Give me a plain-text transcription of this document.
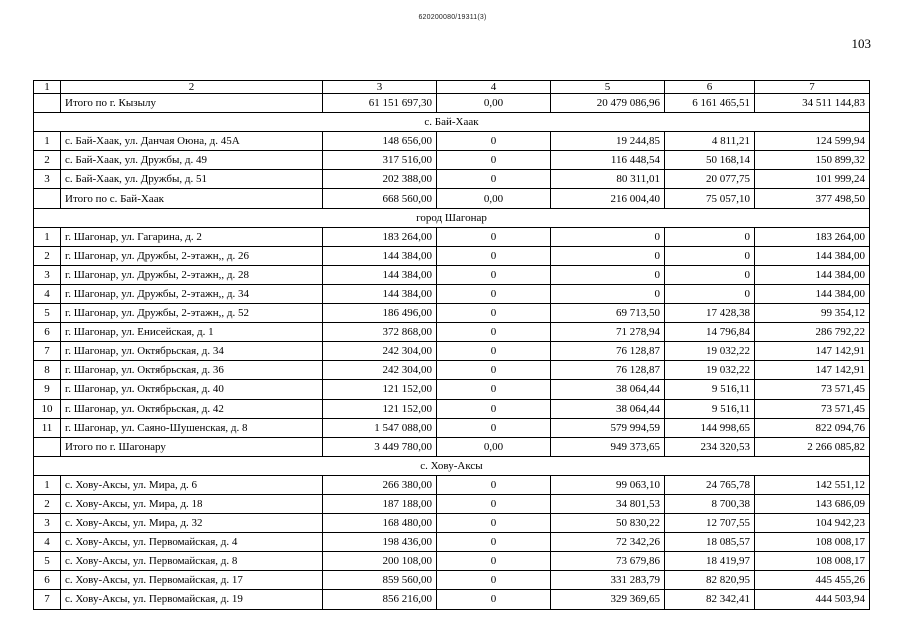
620200080/19311(3)
103
1	2	3	4	5	6	7
	Итого по г. Кызылу	61 151 697,30	0,00	20 479 086,96	6 161 465,51	34 511 144,83
с. Бай-Хаак						
1	с. Бай-Хаак, ул. Данчая Оюна, д. 45А	148 656,00	0	19 244,85	4 811,21	124 599,94
2	с. Бай-Хаак, ул. Дружбы, д. 49	317 516,00	0	116 448,54	50 168,14	150 899,32
3	с. Бай-Хаак, ул. Дружбы, д. 51	202 388,00	0	80 311,01	20 077,75	101 999,24
	Итого по с. Бай-Хаак	668 560,00	0,00	216 004,40	75 057,10	377 498,50
город Шагонар						
1	г. Шагонар, ул. Гагарина, д. 2	183 264,00	0	0	0	183 264,00
2	г. Шагонар, ул. Дружбы, 2-этажн,, д. 26	144 384,00	0	0	0	144 384,00
3	г. Шагонар, ул. Дружбы, 2-этажн,, д. 28	144 384,00	0	0	0	144 384,00
4	г. Шагонар, ул. Дружбы, 2-этажн,, д. 34	144 384,00	0	0	0	144 384,00
5	г. Шагонар, ул. Дружбы, 2-этажн,, д. 52	186 496,00	0	69 713,50	17 428,38	99 354,12
6	г. Шагонар, ул. Енисейская, д. 1	372 868,00	0	71 278,94	14 796,84	286 792,22
7	г. Шагонар, ул. Октябрьская, д. 34	242 304,00	0	76 128,87	19 032,22	147 142,91
8	г. Шагонар, ул. Октябрьская, д. 36	242 304,00	0	76 128,87	19 032,22	147 142,91
9	г. Шагонар, ул. Октябрьская, д. 40	121 152,00	0	38 064,44	9 516,11	73 571,45
10	г. Шагонар, ул. Октябрьская, д. 42	121 152,00	0	38 064,44	9 516,11	73 571,45
11	г. Шагонар, ул. Саяно-Шушенская, д. 8	1 547 088,00	0	579 994,59	144 998,65	822 094,76
	Итого по г. Шагонару	3 449 780,00	0,00	949 373,65	234 320,53	2 266 085,82
с. Хову-Аксы						
1	с. Хову-Аксы, ул. Мира, д. 6	266 380,00	0	99 063,10	24 765,78	142 551,12
2	с. Хову-Аксы, ул. Мира, д. 18	187 188,00	0	34 801,53	8 700,38	143 686,09
3	с. Хову-Аксы, ул. Мира, д. 32	168 480,00	0	50 830,22	12 707,55	104 942,23
4	с. Хову-Аксы, ул. Первомайская, д. 4	198 436,00	0	72 342,26	18 085,57	108 008,17
5	с. Хову-Аксы, ул. Первомайская, д. 8	200 108,00	0	73 679,86	18 419,97	108 008,17
6	с. Хову-Аксы, ул. Первомайская, д. 17	859 560,00	0	331 283,79	82 820,95	445 455,26
7	с. Хову-Аксы, ул. Первомайская, д. 19	856 216,00	0	329 369,65	82 342,41	444 503,94
